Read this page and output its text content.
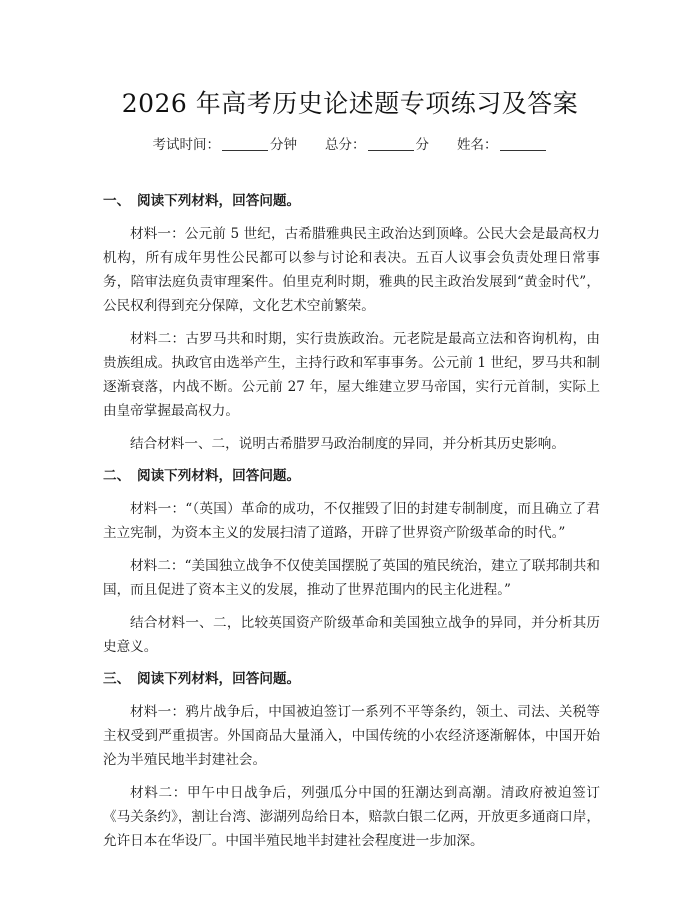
2026 年高考历史论述题专项练习及答案
考试时间：	分钟 总分：	分 姓名：
一、 阅读下列材料，回答问题。

材料一：公元前 5 世纪，古希腊雅典民主政治达到顶峰。公民大会是最高权力机构，所有成年男性公民都可以参与讨论和表决。五百人议事会负责处理日常事务，陪审法庭负责审理案件。伯里克利时期，雅典的民主政治发展到“黄金时代”，公民权利得到充分保障，文化艺术空前繁荣。

材料二：古罗马共和时期，实行贵族政治。元老院是最高立法和咨询机构，由贵族组成。执政官由选举产生，主持行政和军事事务。公元前 1 世纪，罗马共和制逐渐衰落，内战不断。公元前 27 年，屋大维建立罗马帝国，实行元首制，实际上由皇帝掌握最高权力。

结合材料一、二，说明古希腊罗马政治制度的异同，并分析其历史影响。

二、 阅读下列材料，回答问题。

材料一：“（英国）革命的成功，不仅摧毁了旧的封建专制制度，而且确立了君主立宪制，为资本主义的发展扫清了道路，开辟了世界资产阶级革命的时代。”

材料二：“美国独立战争不仅使美国摆脱了英国的殖民统治，建立了联邦制共和国，而且促进了资本主义的发展，推动了世界范围内的民主化进程。”

结合材料一、二，比较英国资产阶级革命和美国独立战争的异同，并分析其历史意义。

三、 阅读下列材料，回答问题。

材料一：鸦片战争后，中国被迫签订一系列不平等条约，领土、司法、关税等主权受到严重损害。外国商品大量涌入，中国传统的小农经济逐渐解体，中国开始沦为半殖民地半封建社会。

材料二：甲午中日战争后，列强瓜分中国的狂潮达到高潮。清政府被迫签订《马关条约》，割让台湾、澎湖列岛给日本，赔款白银二亿两，开放更多通商口岸，允许日本在华设厂。中国半殖民地半封建社会程度进一步加深。
